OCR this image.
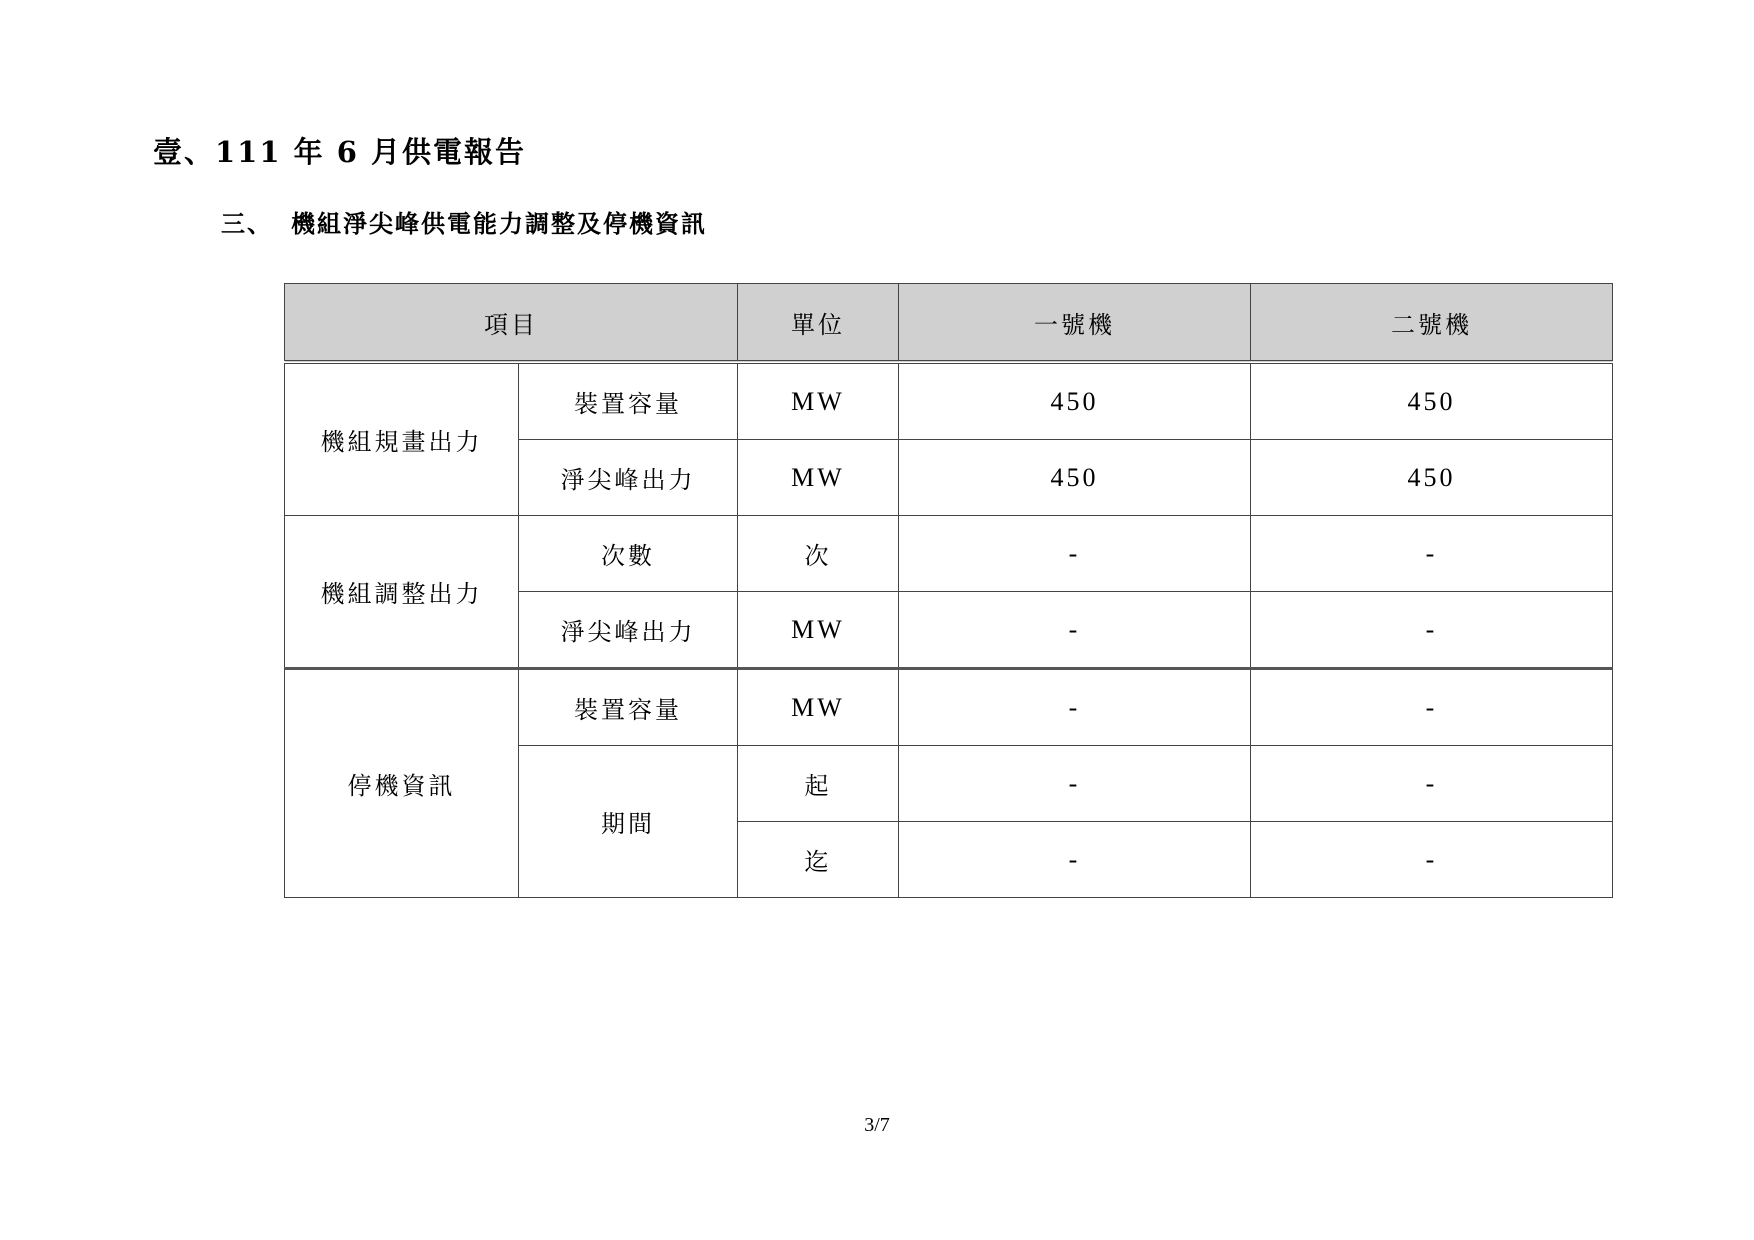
壹、111 年 6 月供電報告
三、 機組淨尖峰供電能力調整及停機資訊
項目		單位	一號機	二號機
機組規畫出力	裝置容量	MW	450	450
	淨尖峰出力	MW	450	450
機組調整出力	次數	次	-	-
	淨尖峰出力	MW	-	-
停機資訊	裝置容量	MW	-	-
	期間	起	-	-
		迄	-	-
3/7
